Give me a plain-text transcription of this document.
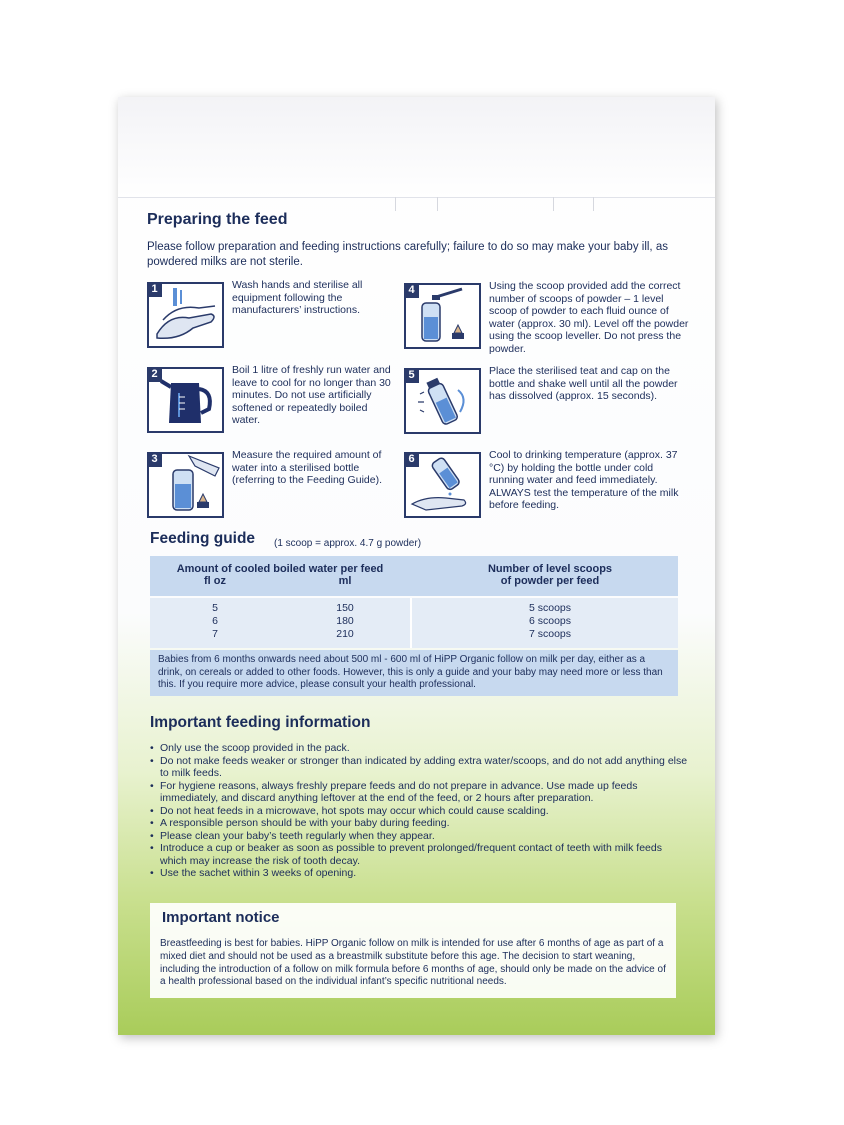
Preparing the feed
Please follow preparation and feeding instructions carefully; failure to do so may make your baby ill, as powdered milks are not sterile.
1	Wash hands and sterilise all equipment following the manufacturers’ instructions.
2	Boil 1 litre of freshly run water and leave to cool for no longer than 30 minutes. Do not use artificially softened or repeatedly boiled water.
3	Measure the required amount of water into a sterilised bottle (referring to the Feeding Guide).
4	Using the scoop provided add the correct number of scoops of powder – 1 level scoop of powder to each fluid ounce of water (approx. 30 ml). Level off the powder using the scoop leveller. Do not press the powder.
5	Place the sterilised teat and cap on the bottle and shake well until all the powder has dissolved (approx. 15 seconds).
6	Cool to drinking temperature (approx. 37 °C) by holding the bottle under cold running water and feed immediately. ALWAYS test the temperature of the milk before feeding.
Feeding guide (1 scoop = approx. 4.7 g powder)
Amount of cooled boiled water per feed
fl oz	ml
Number of level scoops
of powder per feed
5	150	5 scoops
6	180	6 scoops
7	210	7 scoops
Babies from 6 months onwards need about 500 ml - 600 ml of HiPP Organic follow on milk per day, either as a drink, on cereals or added to other foods. However, this is only a guide and your baby may need more or less than this. If you require more advice, please consult your health professional.
Important feeding information
• Only use the scoop provided in the pack.
• Do not make feeds weaker or stronger than indicated by adding extra water/scoops, and do not add anything else to milk feeds.
• For hygiene reasons, always freshly prepare feeds and do not prepare in advance. Use made up feeds immediately, and discard anything leftover at the end of the feed, or 2 hours after preparation.
• Do not heat feeds in a microwave, hot spots may occur which could cause scalding.
• A responsible person should be with your baby during feeding.
• Please clean your baby’s teeth regularly when they appear.
• Introduce a cup or beaker as soon as possible to prevent prolonged/frequent contact of teeth with milk feeds which may increase the risk of tooth decay.
• Use the sachet within 3 weeks of opening.
Important notice
Breastfeeding is best for babies. HiPP Organic follow on milk is intended for use after 6 months of age as part of a mixed diet and should not be used as a breastmilk substitute before this age. The decision to start weaning, including the introduction of a follow on milk formula before 6 months of age, should only be made on the advice of a health professional based on the individual infant’s specific nutritional needs.
